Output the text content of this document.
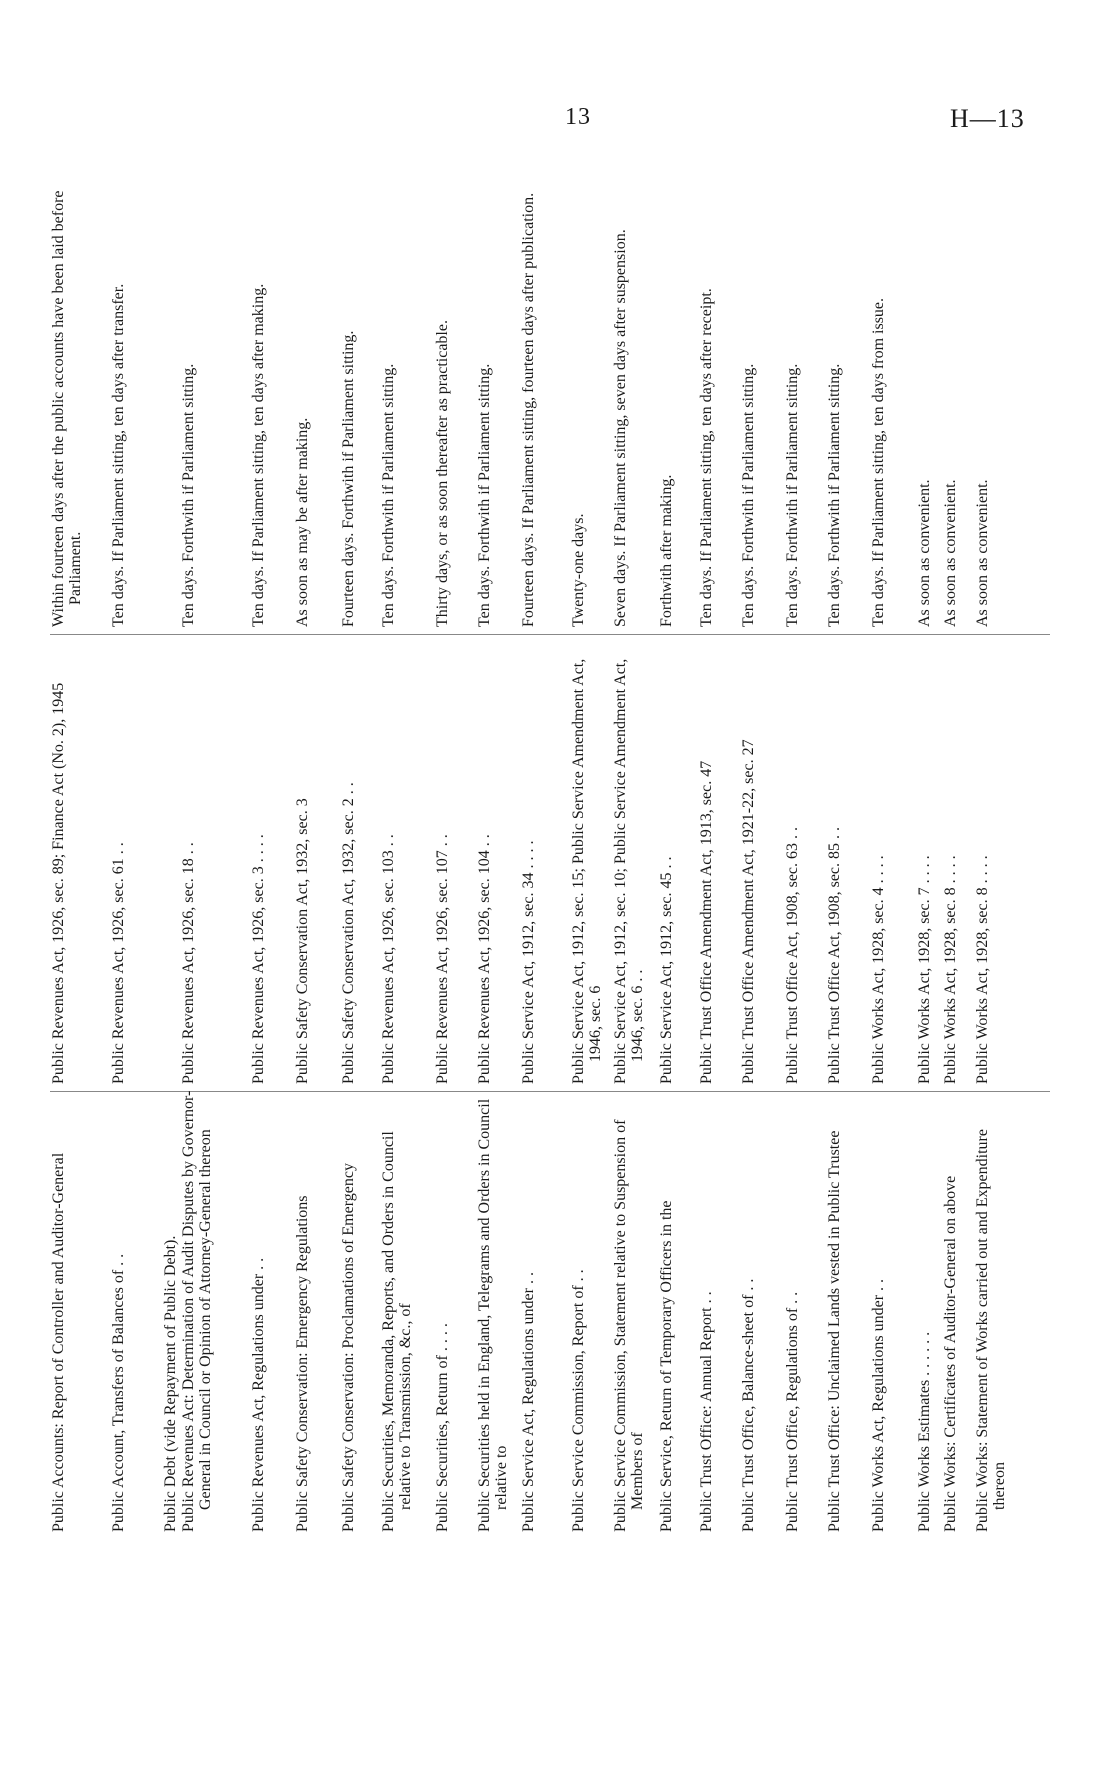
13	H—13
Public Accounts: Report of Controller and Auditor-General
Public Revenues Act, 1926, sec. 89; Finance Act (No. 2), 1945
Within fourteen days after the public accounts have been laid before Parliament.
Public Account, Transfers of Balances of . .
Public Revenues Act, 1926, sec. 61 . .
Ten days. If Parliament sitting, ten days after transfer.
Public Debt (vide Repayment of Public Debt). Public Revenues Act: Determination of Audit Disputes by Governor-General in Council or Opinion of Attorney-General thereon
Public Revenues Act, 1926, sec. 18 . .
Ten days. Forthwith if Parliament sitting.
Public Revenues Act, Regulations under . .
Public Revenues Act, 1926, sec. 3 . . . .
Ten days. If Parliament sitting, ten days after making.
Public Safety Conservation: Emergency Regulations
Public Safety Conservation Act, 1932, sec. 3
As soon as may be after making.
Public Safety Conservation: Proclamations of Emergency
Public Safety Conservation Act, 1932, sec. 2 . .
Fourteen days. Forthwith if Parliament sitting.
Public Securities, Memoranda, Reports, and Orders in Council relative to Transmission, &c., of
Public Revenues Act, 1926, sec. 103 . .
Ten days. Forthwith if Parliament sitting.
Public Securities, Return of . . . .
Public Revenues Act, 1926, sec. 107 . .
Thirty days, or as soon thereafter as practicable.
Public Securities held in England, Telegrams and Orders in Council relative to
Public Revenues Act, 1926, sec. 104 . .
Ten days. Forthwith if Parliament sitting.
Public Service Act, Regulations under . .
Public Service Act, 1912, sec. 34 . . . .
Fourteen days. If Parliament sitting, fourteen days after publication.
Public Service Commission, Report of . .
Public Service Act, 1912, sec. 15; Public Service Amendment Act, 1946, sec. 6
Twenty-one days.
Public Service Commission, Statement relative to Suspension of Members of
Public Service Act, 1912, sec. 10; Public Service Amendment Act, 1946, sec. 6 . .
Seven days. If Parliament sitting, seven days after suspension.
Public Service, Return of Temporary Officers in the
Public Service Act, 1912, sec. 45 . .
Forthwith after making.
Public Trust Office: Annual Report . .
Public Trust Office Amendment Act, 1913, sec. 47
Ten days. If Parliament sitting, ten days after receipt.
Public Trust Office, Balance-sheet of . .
Public Trust Office Amendment Act, 1921-22, sec. 27
Ten days. Forthwith if Parliament sitting.
Public Trust Office, Regulations of . .
Public Trust Office Act, 1908, sec. 63 . .
Ten days. Forthwith if Parliament sitting.
Public Trust Office: Unclaimed Lands vested in Public Trustee
Public Trust Office Act, 1908, sec. 85 . .
Ten days. Forthwith if Parliament sitting.
Public Works Act, Regulations under . .
Public Works Act, 1928, sec. 4 . . . .
Ten days. If Parliament sitting, ten days from issue.
Public Works Estimates . . . . . .
Public Works Act, 1928, sec. 7 . . . .
As soon as convenient.
Public Works: Certificates of Auditor-General on above
Public Works Act, 1928, sec. 8 . . . .
As soon as convenient.
Public Works: Statement of Works carried out and Expenditure thereon
Public Works Act, 1928, sec. 8 . . . .
As soon as convenient.
